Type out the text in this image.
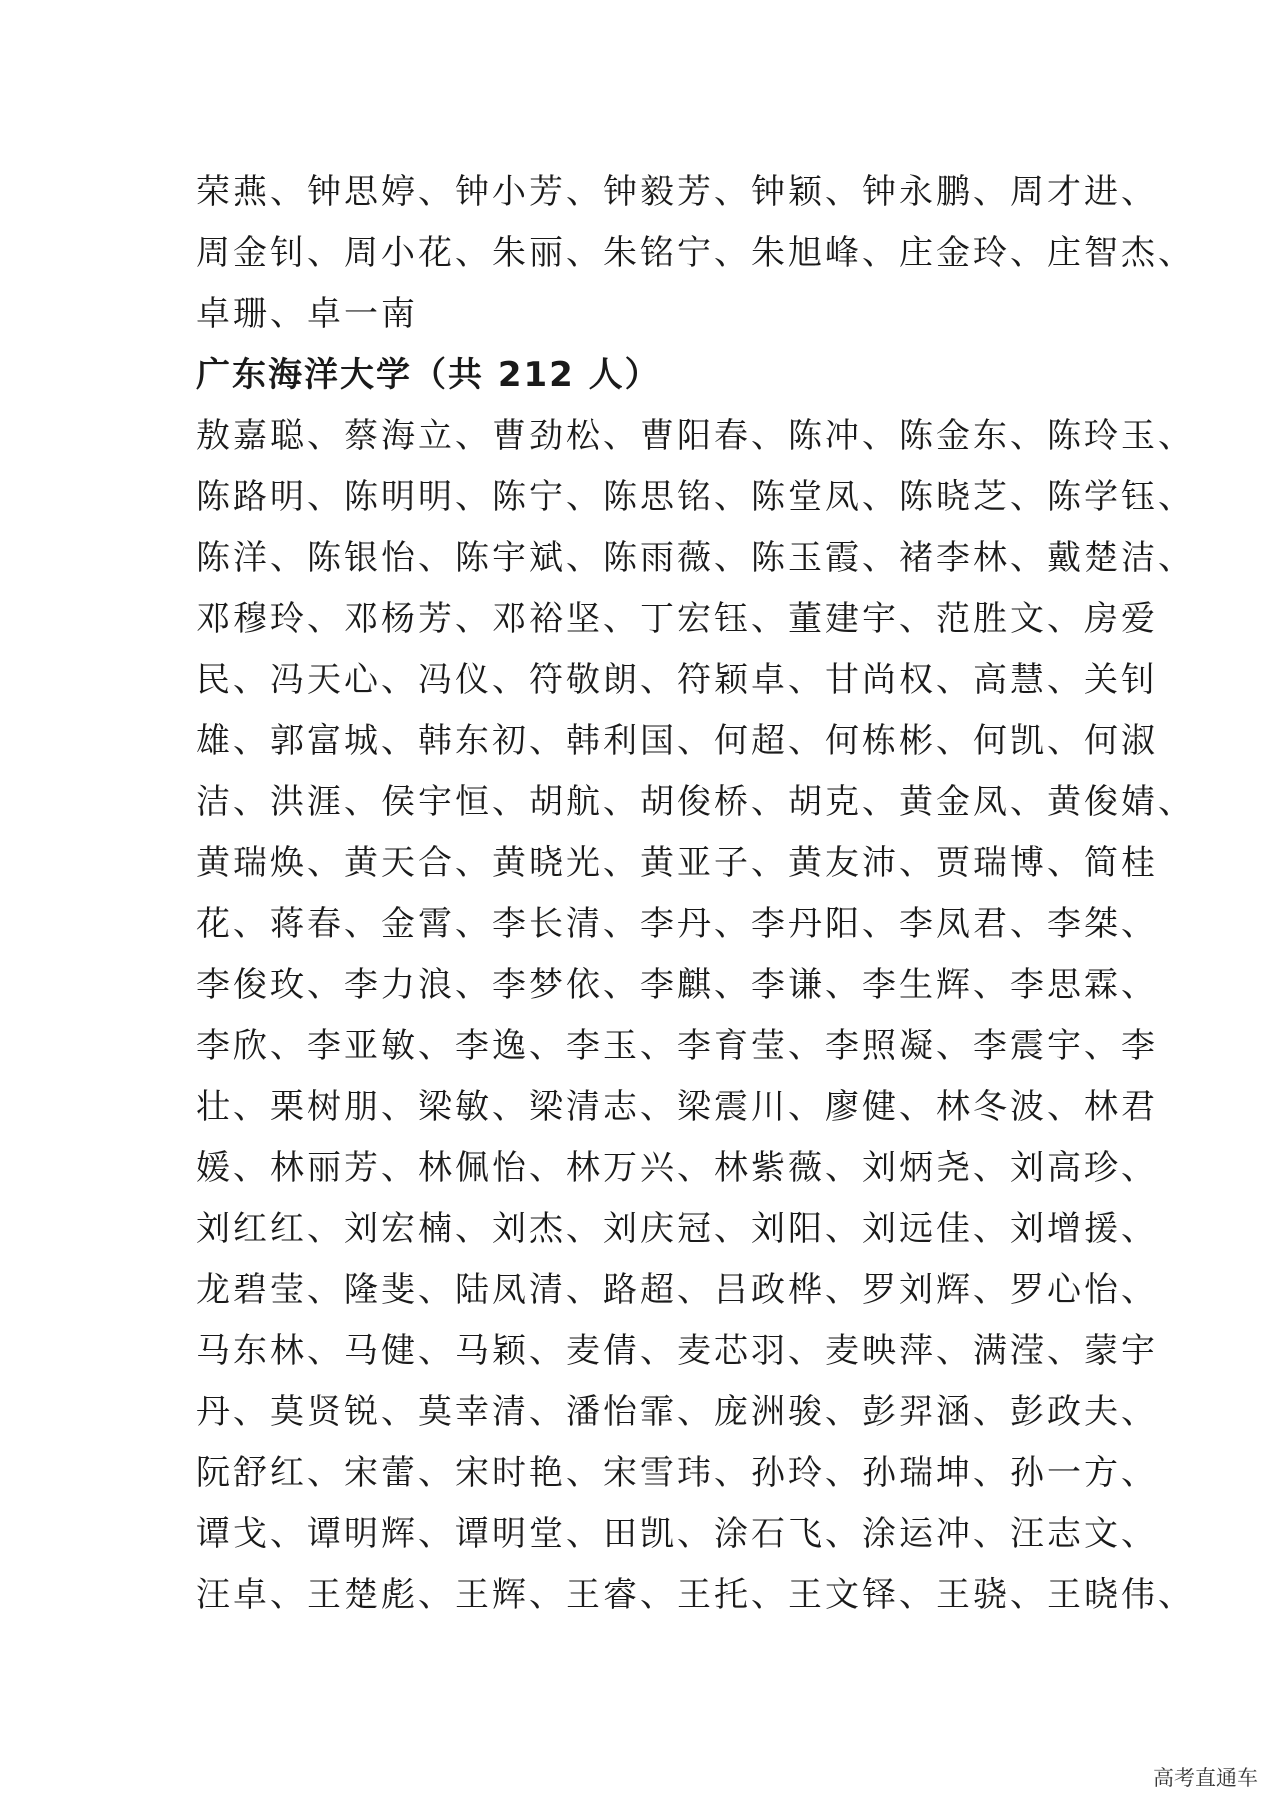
荣燕、钟思婷、钟小芳、钟毅芳、钟颖、钟永鹏、周才进、
周金钊、周小花、朱丽、朱铭宁、朱旭峰、庄金玲、庄智杰、
卓珊、卓一南
广东海洋大学（共 212 人）
敖嘉聪、蔡海立、曹劲松、曹阳春、陈冲、陈金东、陈玲玉、
陈路明、陈明明、陈宁、陈思铭、陈堂凤、陈晓芝、陈学钰、
陈洋、陈银怡、陈宇斌、陈雨薇、陈玉霞、褚李林、戴楚洁、
邓穆玲、邓杨芳、邓裕坚、丁宏钰、董建宇、范胜文、房爱
民、冯天心、冯仪、符敬朗、符颖卓、甘尚权、高慧、关钊
雄、郭富城、韩东初、韩利国、何超、何栋彬、何凯、何淑
洁、洪涯、侯宇恒、胡航、胡俊桥、胡克、黄金凤、黄俊婧、
黄瑞焕、黄天合、黄晓光、黄亚子、黄友沛、贾瑞博、简桂
花、蒋春、金霄、李长清、李丹、李丹阳、李凤君、李桀、
李俊玫、李力浪、李梦依、李麒、李谦、李生辉、李思霖、
李欣、李亚敏、李逸、李玉、李育莹、李照凝、李震宇、李
壮、栗树朋、梁敏、梁清志、梁震川、廖健、林冬波、林君
媛、林丽芳、林佩怡、林万兴、林紫薇、刘炳尧、刘高珍、
刘红红、刘宏楠、刘杰、刘庆冠、刘阳、刘远佳、刘增援、
龙碧莹、隆斐、陆凤清、路超、吕政桦、罗刘辉、罗心怡、
马东林、马健、马颖、麦倩、麦芯羽、麦映萍、满滢、蒙宇
丹、莫贤锐、莫幸清、潘怡霏、庞洲骏、彭羿涵、彭政夫、
阮舒红、宋蕾、宋时艳、宋雪玮、孙玲、孙瑞坤、孙一方、
谭戈、谭明辉、谭明堂、田凯、涂石飞、涂运冲、汪志文、
汪卓、王楚彪、王辉、王睿、王托、王文铎、王骁、王晓伟、
高考直通车
